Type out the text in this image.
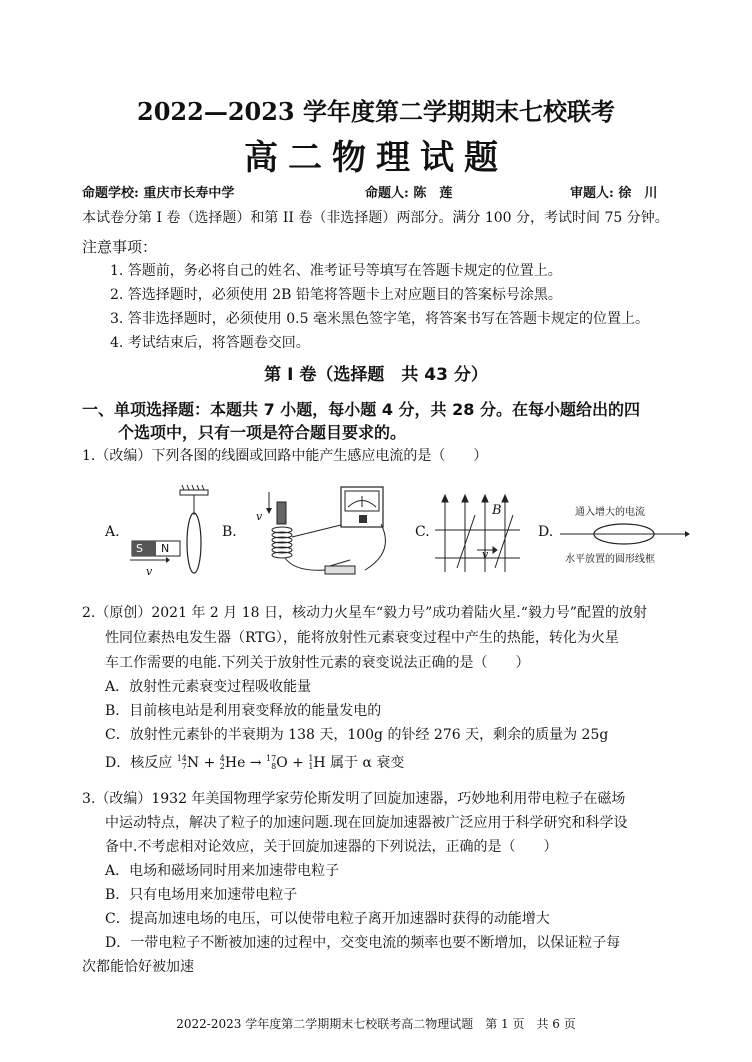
2022—2023 学年度第二学期期末七校联考
高二物理试题
命题学校: 重庆市长寿中学	命题人: 陈　莲	审题人: 徐　川
本试卷分第 I 卷（选择题）和第 II 卷（非选择题）两部分。满分 100 分，考试时间 75 分钟。
注意事项：
1. 答题前，务必将自己的姓名、准考证号等填写在答题卡规定的位置上。
2. 答选择题时，必须使用 2B 铅笔将答题卡上对应题目的答案标号涂黑。
3. 答非选择题时，必须使用 0.5 毫米黑色签字笔，将答案书写在答题卡规定的位置上。
4. 考试结束后，将答题卷交回。
第 I 卷（选择题　共 43 分）
一、单项选择题：本题共 7 小题，每小题 4 分，共 28 分。在每小题给出的四
个选项中，只有一项是符合题目要求的。
1.（改编）下列各图的线圈或回路中能产生感应电流的是（　　）
A.
S N
v
B.
v
C.
B
v
D.
通入增大的电流
水平放置的圆形线框
2.（原创）2021 年 2 月 18 日，核动力火星车“毅力号”成功着陆火星.“毅力号”配置的放射
性同位素热电发生器（RTG），能将放射性元素衰变过程中产生的热能，转化为火星
车工作需要的电能.下列关于放射性元素的衰变说法正确的是（　　）
A．放射性元素衰变过程吸收能量
B．目前核电站是利用衰变释放的能量发电的
C．放射性元素钋的半衰期为 138 天，100g 的钋经 276 天，剩余的质量为 25g
D．核反应 14
7N + 4
2He → 17
8O + 1
1H 属于 α 衰变
3.（改编）1932 年美国物理学家劳伦斯发明了回旋加速器，巧妙地利用带电粒子在磁场
中运动特点，解决了粒子的加速问题.现在回旋加速器被广泛应用于科学研究和科学设
备中.不考虑相对论效应，关于回旋加速器的下列说法，正确的是（　　）
A．电场和磁场同时用来加速带电粒子
B．只有电场用来加速带电粒子
C．提高加速电场的电压，可以使带电粒子离开加速器时获得的动能增大
D．一带电粒子不断被加速的过程中，交变电流的频率也要不断增加，以保证粒子每
次都能恰好被加速
2022-2023 学年度第二学期期末七校联考高二物理试题　第 1 页　共 6 页
